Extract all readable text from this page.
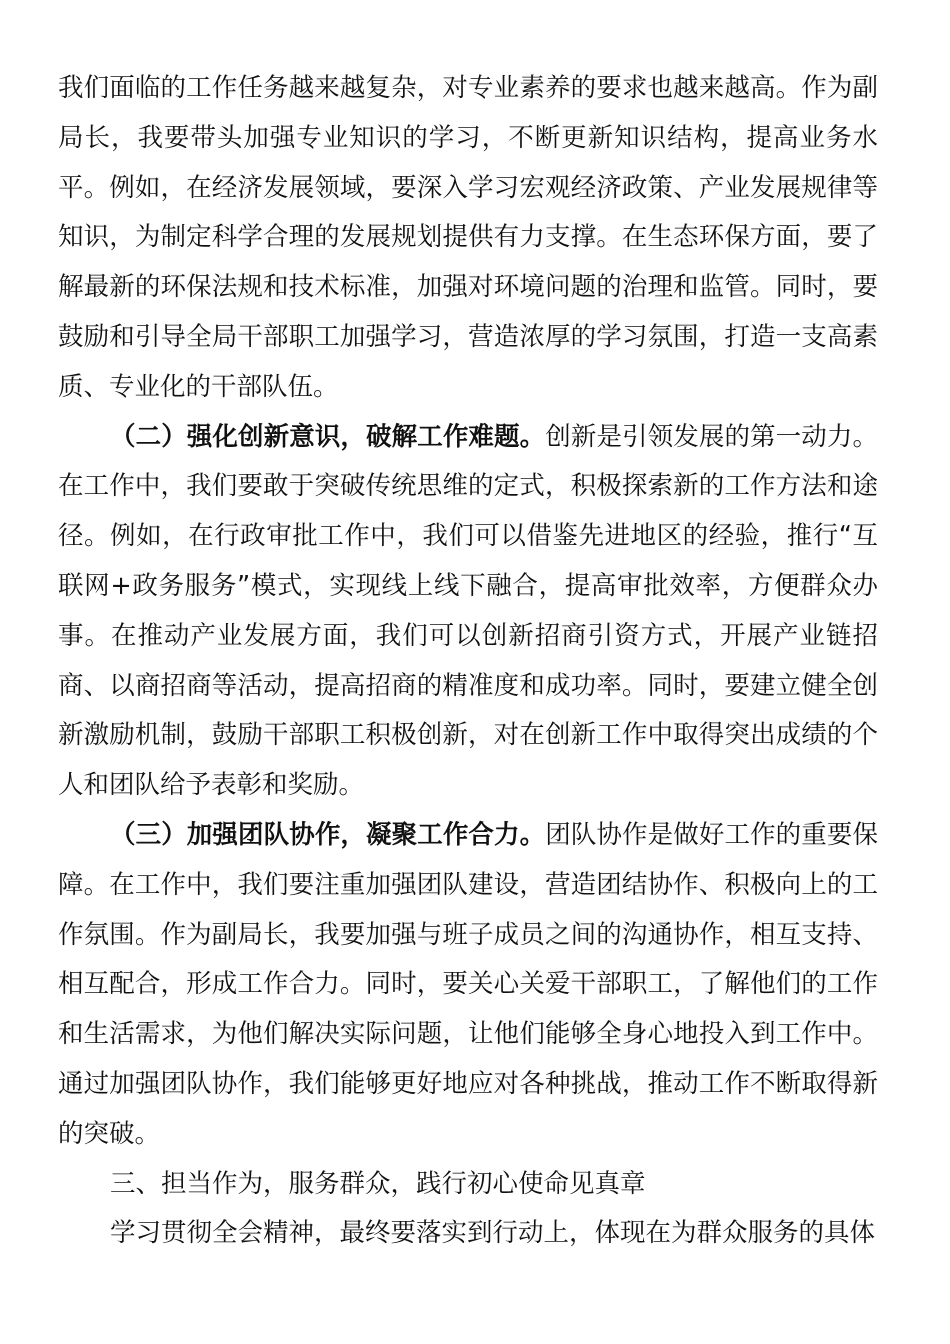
我们面临的工作任务越来越复杂，对专业素养的要求也越来越高。作为副局长，我要带头加强专业知识的学习，不断更新知识结构，提高业务水平。例如，在经济发展领域，要深入学习宏观经济政策、产业发展规律等知识，为制定科学合理的发展规划提供有力支撑。在生态环保方面，要了解最新的环保法规和技术标准，加强对环境问题的治理和监管。同时，要鼓励和引导全局干部职工加强学习，营造浓厚的学习氛围，打造一支高素质、专业化的干部队伍。

（二）强化创新意识，破解工作难题。创新是引领发展的第一动力。在工作中，我们要敢于突破传统思维的定式，积极探索新的工作方法和途径。例如，在行政审批工作中，我们可以借鉴先进地区的经验，推行“互联网+政务服务”模式，实现线上线下融合，提高审批效率，方便群众办事。在推动产业发展方面，我们可以创新招商引资方式，开展产业链招商、以商招商等活动，提高招商的精准度和成功率。同时，要建立健全创新激励机制，鼓励干部职工积极创新，对在创新工作中取得突出成绩的个人和团队给予表彰和奖励。

（三）加强团队协作，凝聚工作合力。团队协作是做好工作的重要保障。在工作中，我们要注重加强团队建设，营造团结协作、积极向上的工作氛围。作为副局长，我要加强与班子成员之间的沟通协作，相互支持、相互配合，形成工作合力。同时，要关心关爱干部职工，了解他们的工作和生活需求，为他们解决实际问题，让他们能够全身心地投入到工作中。通过加强团队协作，我们能够更好地应对各种挑战，推动工作不断取得新的突破。

三、担当作为，服务群众，践行初心使命见真章

学习贯彻全会精神，最终要落实到行动上，体现在为群众服务的具体
